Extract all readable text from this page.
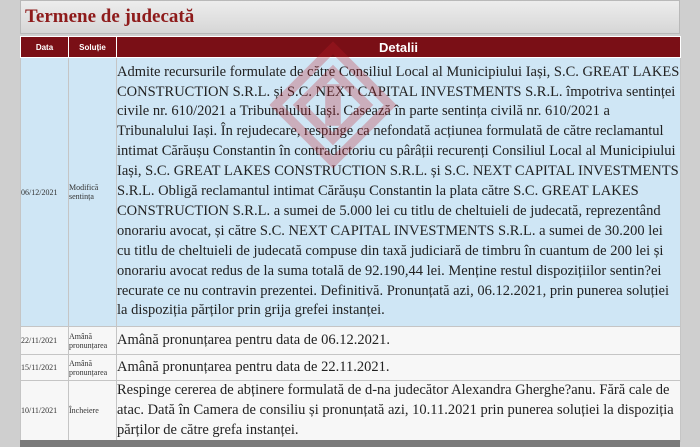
Termene de judecată
Data	Soluție	Detalii
06/12/2021	Modifică sentința	Admite recursurile formulate de către Consiliul Local al Municipiului Iași, S.C. GREAT LAKES CONSTRUCTION S.R.L. și S.C. NEXT CAPITAL INVESTMENTS S.R.L. împotriva sentinței civile nr. 610/2021 a Tribunalului Iași. Casează în parte sentința civilă nr. 610/2021 a Tribunalului Iași. În rejudecare, respinge ca nefondată acțiunea formulată de către reclamantul intimat Cărăușu Constantin în contradictoriu cu pârâții recurenți Consiliul Local al Municipiului Iași, S.C. GREAT LAKES CONSTRUCTION S.R.L. și S.C. NEXT CAPITAL INVESTMENTS S.R.L. Obligă reclamantul intimat Cărăușu Constantin la plata către S.C. GREAT LAKES CONSTRUCTION S.R.L. a sumei de 5.000 lei cu titlu de cheltuieli de judecată, reprezentând onorariu avocat, și către S.C. NEXT CAPITAL INVESTMENTS S.R.L. a sumei de 30.200 lei cu titlu de cheltuieli de judecată compuse din taxă judiciară de timbru în cuantum de 200 lei și onorariu avocat redus de la suma totală de 92.190,44 lei. Menține restul dispozițiilor sentin?ei recurate ce nu contravin prezentei. Definitivă. Pronunțată azi, 06.12.2021, prin punerea soluției la dispoziția părților prin grija grefei instanței.
22/11/2021	Amână pronunțarea	Amână pronunțarea pentru data de 06.12.2021.
15/11/2021	Amână pronunțarea	Amână pronunțarea pentru data de 22.11.2021.
10/11/2021	Încheiere	Respinge cererea de abținere formulată de d-na judecător Alexandra Gherghe?anu. Fără cale de atac. Dată în Camera de consiliu și pronunțată azi, 10.11.2021 prin punerea soluției la dispoziția părților de către grefa instanței.
